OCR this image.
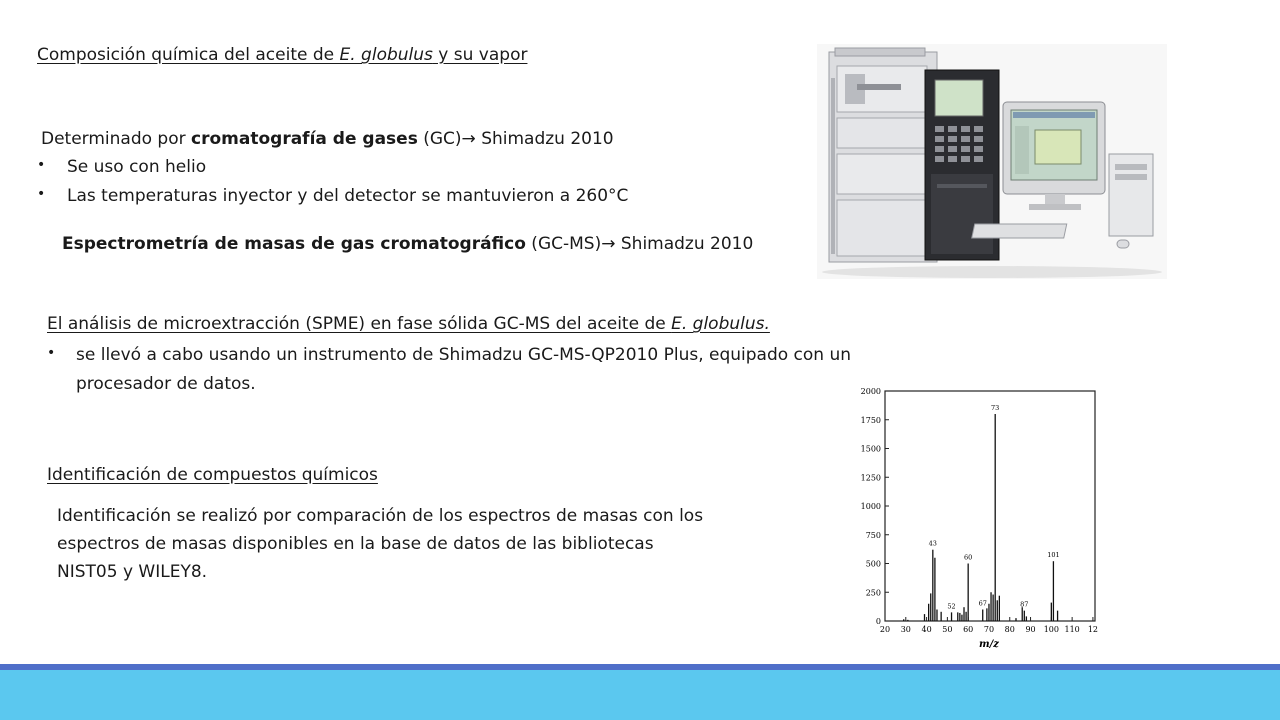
Composición química del aceite de E. globulus y su vapor
Determinado por cromatografía de gases (GC)→ Shimadzu 2010
• Se uso con helio
• Las temperaturas inyector y del detector se mantuvieron a 260°C
Espectrometría de masas de gas cromatográfico (GC-MS)→ Shimadzu 2010
El análisis de microextracción (SPME) en fase sólida GC-MS del aceite de E. globulus.
• se llevó a cabo usando un instrumento de Shimadzu GC-MS-QP2010 Plus, equipado con un
procesador de datos.
Identificación de compuestos químicos
Identificación se realizó por comparación de los espectros de masas con los
espectros de masas disponibles en la base de datos de las bibliotecas
NIST05 y WILEY8.
0
250
500
750
1000
1250
1500
1750
2000
20 30 40 50 60 70 80 90 100 110 12
43
52
60
67
73
87
101
m/z
